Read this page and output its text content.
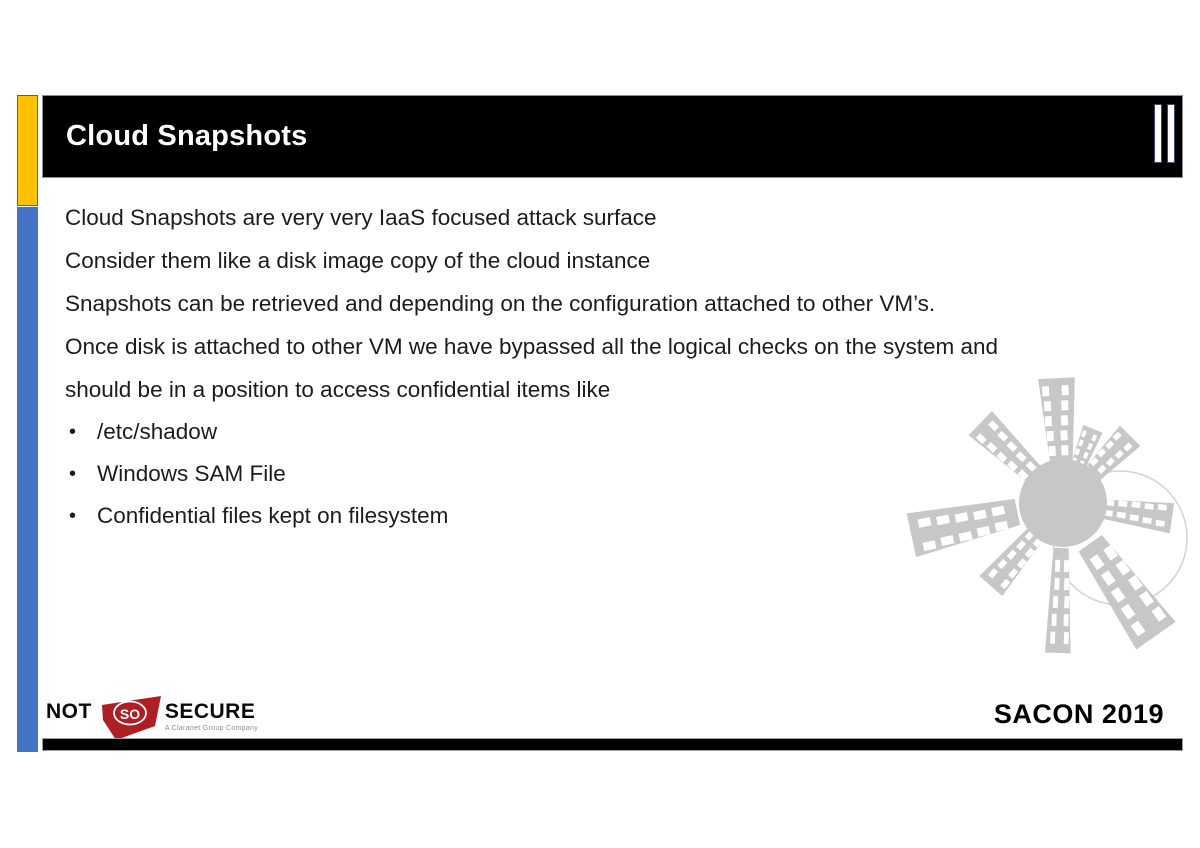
Cloud Snapshots

Cloud Snapshots are very very IaaS focused attack surface

Consider them like a disk image copy of the cloud instance

Snapshots can be retrieved and depending on the configuration attached to other VM’s.

Once disk is attached to other VM we have bypassed all the logical checks on the system and

should be in a position to access confidential items like

• /etc/shadow
• Windows SAM File
• Confidential files kept on filesystem
NOT SO SECURE
A Claranet Group Company	SACON 2019
